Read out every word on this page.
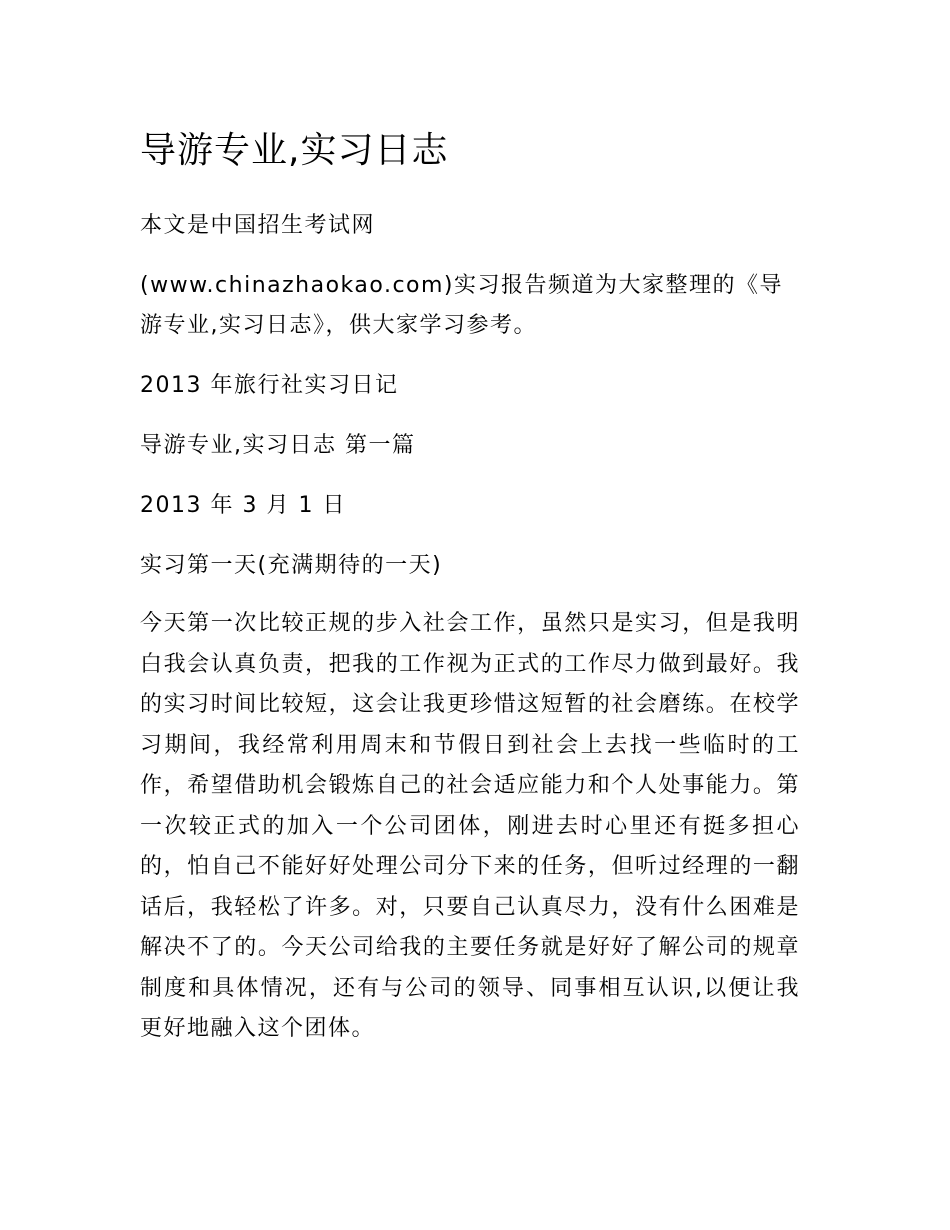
导游专业,实习日志

本文是中国招生考试网

(www.chinazhaokao.com)实习报告频道为大家整理的《导游专业,实习日志》，供大家学习参考。

2013 年旅行社实习日记

导游专业,实习日志 第一篇

2013 年 3 月 1 日

实习第一天(充满期待的一天)

今天第一次比较正规的步入社会工作，虽然只是实习，但是我明白我会认真负责，把我的工作视为正式的工作尽力做到最好。我的实习时间比较短，这会让我更珍惜这短暂的社会磨练。在校学习期间，我经常利用周末和节假日到社会上去找一些临时的工作，希望借助机会锻炼自己的社会适应能力和个人处事能力。第一次较正式的加入一个公司团体，刚进去时心里还有挺多担心的，怕自己不能好好处理公司分下来的任务，但听过经理的一翻话后，我轻松了许多。对，只要自己认真尽力，没有什么困难是解决不了的。今天公司给我的主要任务就是好好了解公司的规章制度和具体情况，还有与公司的领导、同事相互认识,以便让我更好地融入这个团体。
